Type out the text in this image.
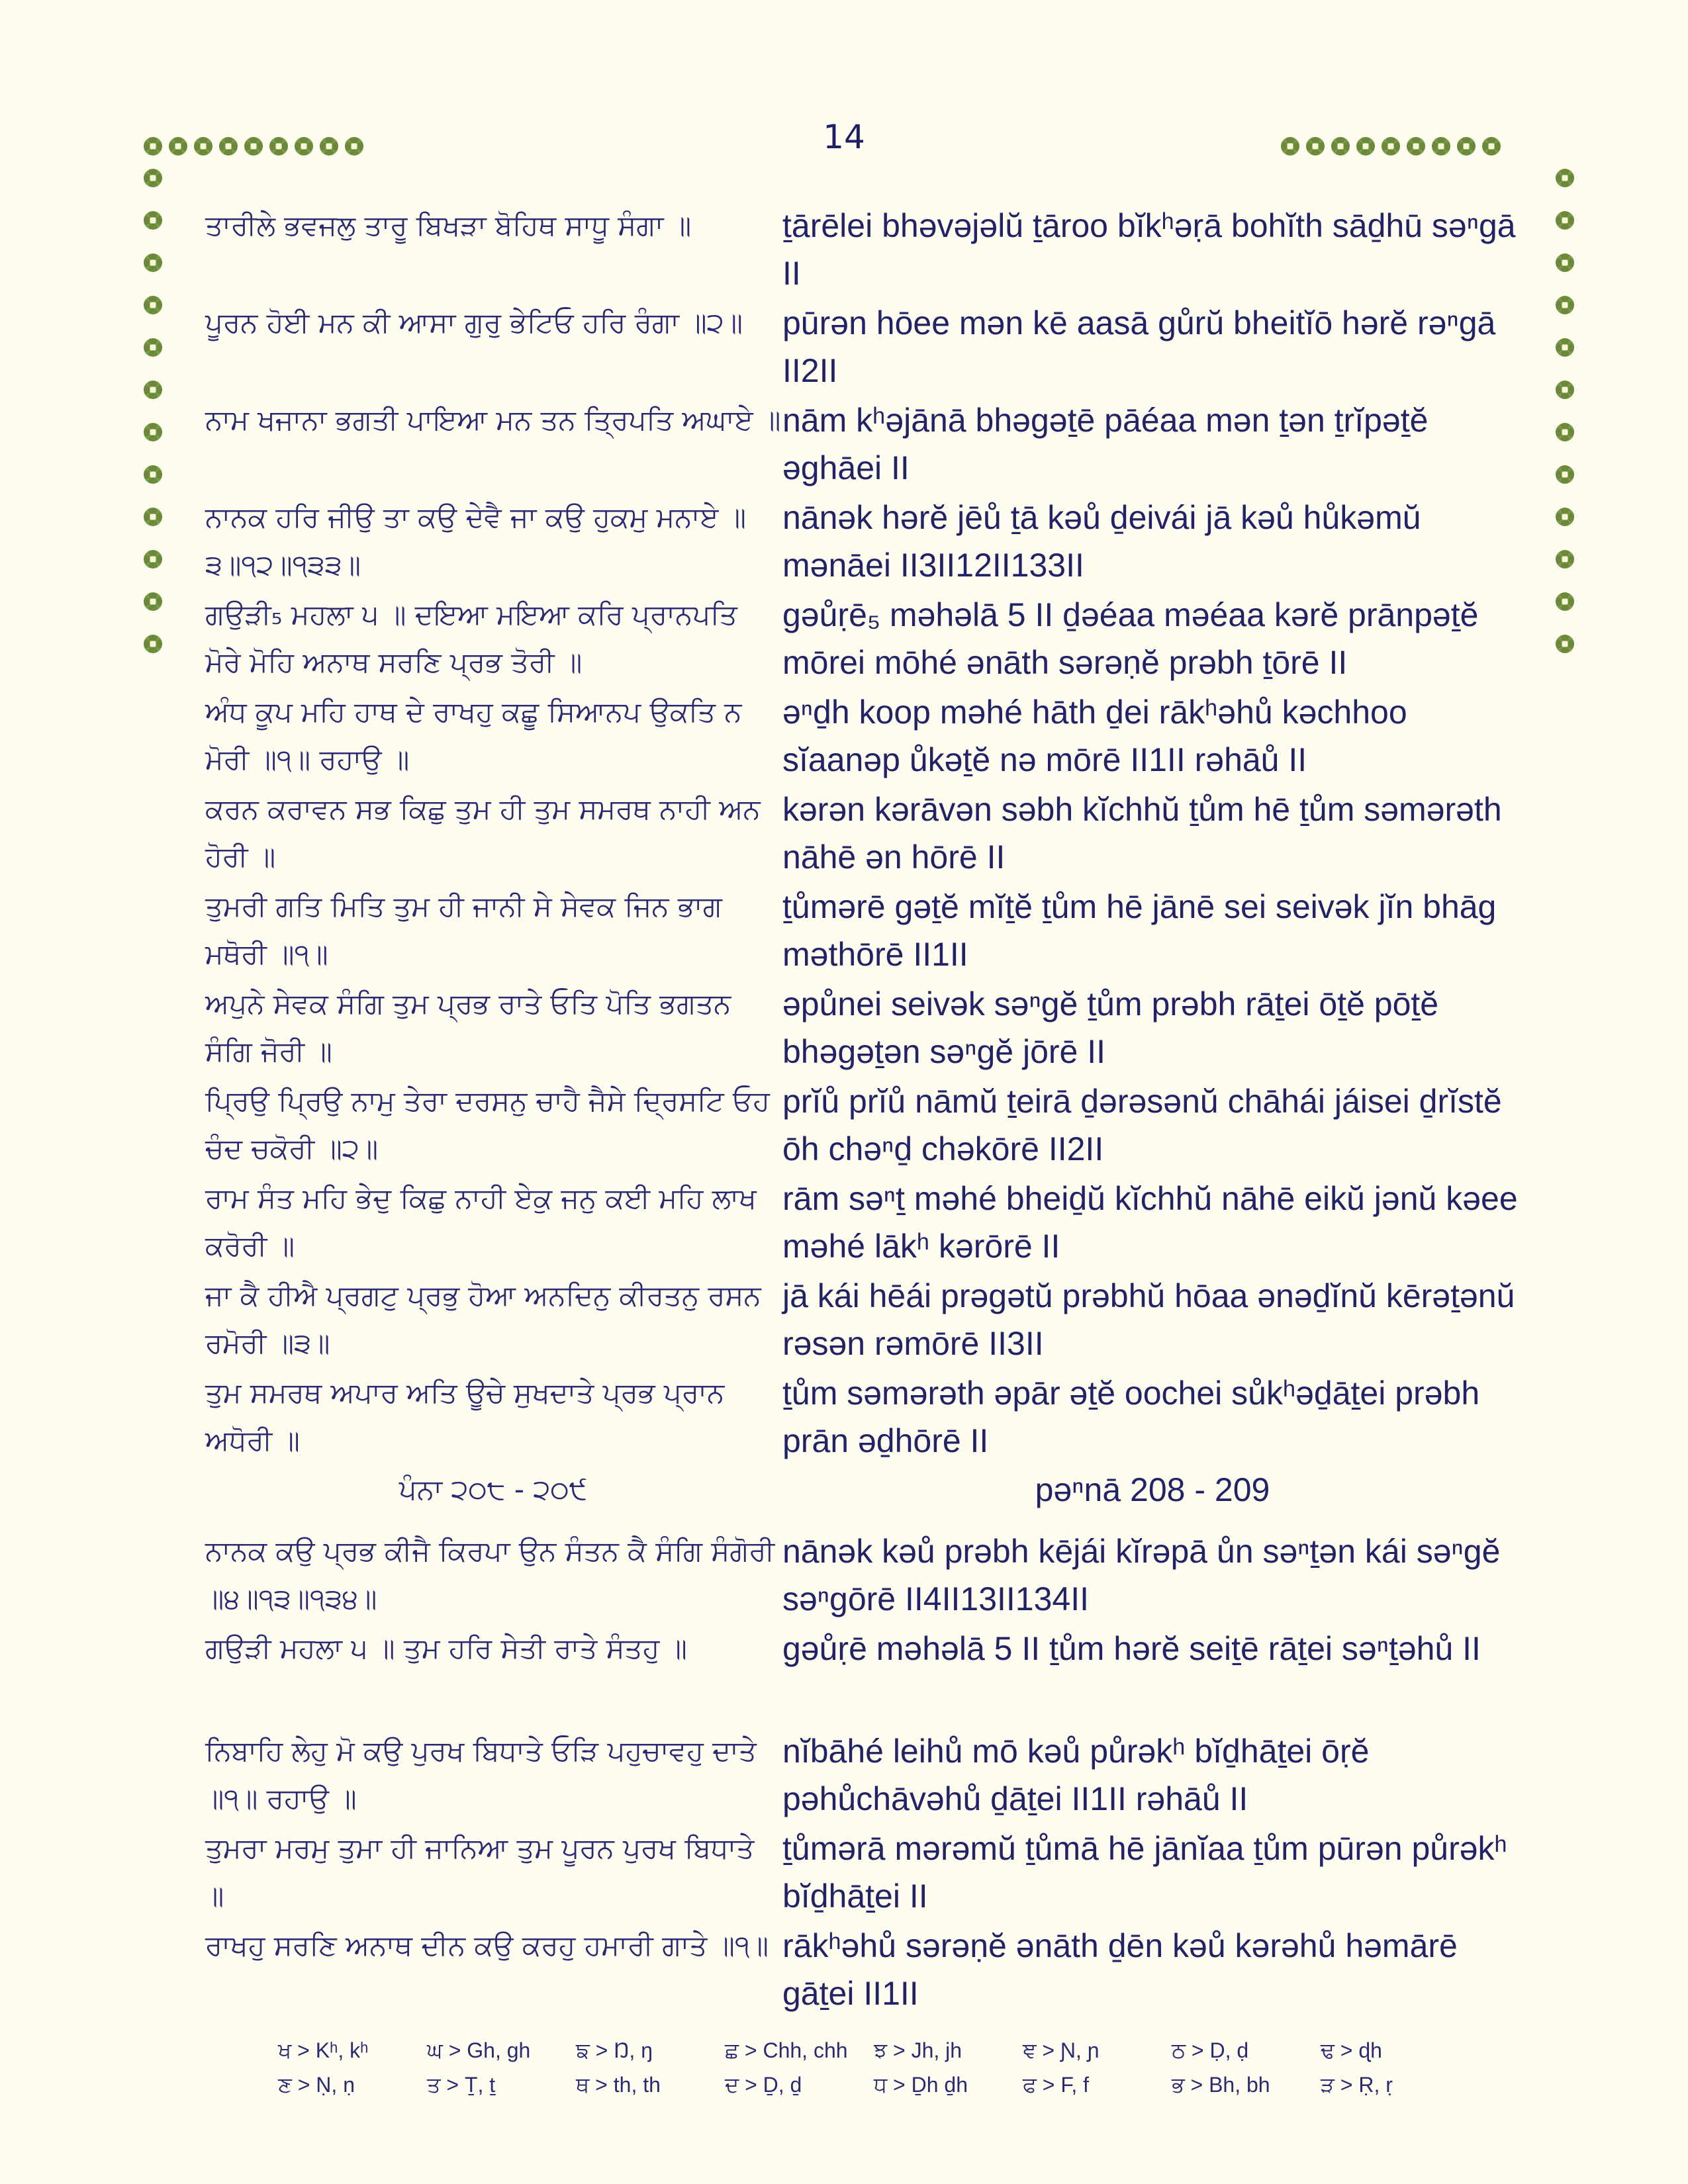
14
ਤਾਰੀਲੇ ਭਵਜਲੁ ਤਾਰੂ ਬਿਖੜਾ ਬੋਹਿਥ ਸਾਧੂ ਸੰਗਾ ॥	ṯārēlei bhəvəjəlŭ ṯāroo bĭkʰəṛā bohĭth sāḏhū səⁿgā II
ਪੂਰਨ ਹੋਈ ਮਨ ਕੀ ਆਸਾ ਗੁਰੁ ਭੇਟਿਓ ਹਰਿ ਰੰਗਾ ॥੨॥	pūrən hōee mən kē aasā gůrŭ bheitĭō hərĕ rəⁿgā II2II
ਨਾਮ ਖਜਾਨਾ ਭਗਤੀ ਪਾਇਆ ਮਨ ਤਨ ਤ੍ਰਿਪਤਿ ਅਘਾਏ ॥ nām kʰəjānā bhəgəṯē pāéaa mən ṯən ṯrĭpəṯĕ əghāei II
ਨਾਨਕ ਹਰਿ ਜੀਉ ਤਾ ਕਉ ਦੇਵੈ ਜਾ ਕਉ ਹੁਕਮੁ ਮਨਾਏ ॥੩॥੧੨॥੧੩੩॥
nānək hərĕ jēů ṯā kəů ḏeivái jā kəů hůkəmŭ mənāei II3II12II133II
ਗਉੜੀ₅ ਮਹਲਾ ੫ ॥ ਦਇਆ ਮਇਆ ਕਰਿ ਪ੍ਰਾਨਪਤਿ ਮੋਰੇ ਮੋਹਿ ਅਨਾਥ ਸਰਣਿ ਪ੍ਰਭ ਤੋਰੀ ॥
gəůṛē₅ məhəlā 5 II ḏəéaa məéaa kərĕ prānpəṯĕ mōrei mōhé ənāth sərəṇĕ prəbh ṯōrē II
ਅੰਧ ਕੂਪ ਮਹਿ ਹਾਥ ਦੇ ਰਾਖਹੁ ਕਛੂ ਸਿਆਨਪ ਉਕਤਿ ਨ ਮੋਰੀ ॥੧॥ ਰਹਾਉ ॥
əⁿḏh koop məhé hāth ḏei rākʰəhů kəchhoo sĭaanəp ůkəṯĕ nə mōrē II1II rəhāů II
ਕਰਨ ਕਰਾਵਨ ਸਭ ਕਿਛੁ ਤੁਮ ਹੀ ਤੁਮ ਸਮਰਥ ਨਾਹੀ ਅਨ ਹੋਰੀ ॥
kərən kərāvən səbh kĭchhŭ ṯům hē ṯům səmərəth nāhē ən hōrē II
ਤੁਮਰੀ ਗਤਿ ਮਿਤਿ ਤੁਮ ਹੀ ਜਾਨੀ ਸੇ ਸੇਵਕ ਜਿਨ ਭਾਗ ਮਥੋਰੀ ॥੧॥
ṯůmərē gəṯĕ mĭṯĕ ṯům hē jānē sei seivək jĭn bhāg məthōrē II1II
ਅਪੁਨੇ ਸੇਵਕ ਸੰਗਿ ਤੁਮ ਪ੍ਰਭ ਰਾਤੇ ਓਤਿ ਪੋਤਿ ਭਗਤਨ ਸੰਗਿ ਜੋਰੀ ॥
əpůnei seivək səⁿgĕ ṯům prəbh rāṯei ōṯĕ pōṯĕ bhəgəṯən səⁿgĕ jōrē II
ਪ੍ਰਿਉ ਪ੍ਰਿਉ ਨਾਮੁ ਤੇਰਾ ਦਰਸਨੁ ਚਾਹੈ ਜੈਸੇ ਦ੍ਰਿਸਟਿ ਓਹ ਚੰਦ ਚਕੋਰੀ ॥੨॥
prĭů prĭů nāmŭ ṯeirā ḏərəsənŭ chāhái jáisei ḏrĭstĕ ōh chəⁿḏ chəkōrē II2II
ਰਾਮ ਸੰਤ ਮਹਿ ਭੇਦੁ ਕਿਛੁ ਨਾਹੀ ਏਕੁ ਜਨੁ ਕਈ ਮਹਿ ਲਾਖ ਕਰੋਰੀ ॥
rām səⁿṯ məhé bheiḏŭ kĭchhŭ nāhē eikŭ jənŭ kəee məhé lākʰ kərōrē II
ਜਾ ਕੈ ਹੀਐ ਪ੍ਰਗਟੁ ਪ੍ਰਭੁ ਹੋਆ ਅਨਦਿਨੁ ਕੀਰਤਨੁ ਰਸਨ ਰਮੋਰੀ ॥੩॥
jā kái hēái prəgətŭ prəbhŭ hōaa ənəḏĭnŭ kērəṯənŭ rəsən rəmōrē II3II
ਤੁਮ ਸਮਰਥ ਅਪਾਰ ਅਤਿ ਊਚੇ ਸੁਖਦਾਤੇ ਪ੍ਰਭ ਪ੍ਰਾਨ ਅਧੋਰੀ ॥
ṯům səmərəth əpār əṯĕ oochei sůkʰəḏāṯei prəbh prān əḏhōrē II
ਪੰਨਾ ੨੦੮ - ੨੦੯	pəⁿnā 208 - 209
ਨਾਨਕ ਕਉ ਪ੍ਰਭ ਕੀਜੈ ਕਿਰਪਾ ਉਨ ਸੰਤਨ ਕੈ ਸੰਗਿ ਸੰਗੋਰੀ ॥੪॥੧੩॥੧੩੪॥
nānək kəů prəbh kējái kĭrəpā ůn səⁿṯən kái səⁿgĕ səⁿgōrē II4II13II134II
ਗਉੜੀ ਮਹਲਾ ੫ ॥ ਤੁਮ ਹਰਿ ਸੇਤੀ ਰਾਤੇ ਸੰਤਹੁ ॥	gəůṛē məhəlā 5 II ṯům hərĕ seiṯē rāṯei səⁿṯəhů II
ਨਿਬਾਹਿ ਲੇਹੁ ਮੋ ਕਉ ਪੁਰਖ ਬਿਧਾਤੇ ਓੜਿ ਪਹੁਚਾਵਹੁ ਦਾਤੇ ॥੧॥ ਰਹਾਉ ॥
nĭbāhé leihů mō kəů půrəkʰ bĭḏhāṯei ōṛĕ pəhůchāvəhů ḏāṯei II1II rəhāů II
ਤੁਮਰਾ ਮਰਮੁ ਤੁਮਾ ਹੀ ਜਾਨਿਆ ਤੁਮ ਪੂਰਨ ਪੁਰਖ ਬਿਧਾਤੇ ॥
ṯůmərā mərəmŭ ṯůmā hē jānĭaa ṯům pūrən půrəkʰ bĭḏhāṯei II
ਰਾਖਹੁ ਸਰਣਿ ਅਨਾਥ ਦੀਨ ਕਉ ਕਰਹੁ ਹਮਾਰੀ ਗਾਤੇ ॥੧॥ rākʰəhů sərəṇĕ ənāth ḏēn kəů kərəhů həmārē gāṯei II1II
ਖ > Kʰ, kʰ	ਘ > Gh, gh	ਙ > Ŋ, ŋ	ਛ > Chh, chh	ਝ > Jh, jh	ਞ > Ɲ, ɲ	ਠ > Ḍ, ḍ	ਢ > ɖh
ਣ > Ṇ, ṇ	ਤ > Ṯ, ṯ	ਥ > th, th	ਦ > Ḏ, ḏ	ਧ > Ḏh ḏh	ਫ > F, f	ਭ > Bh, bh	ੜ > Ṛ, ṛ
